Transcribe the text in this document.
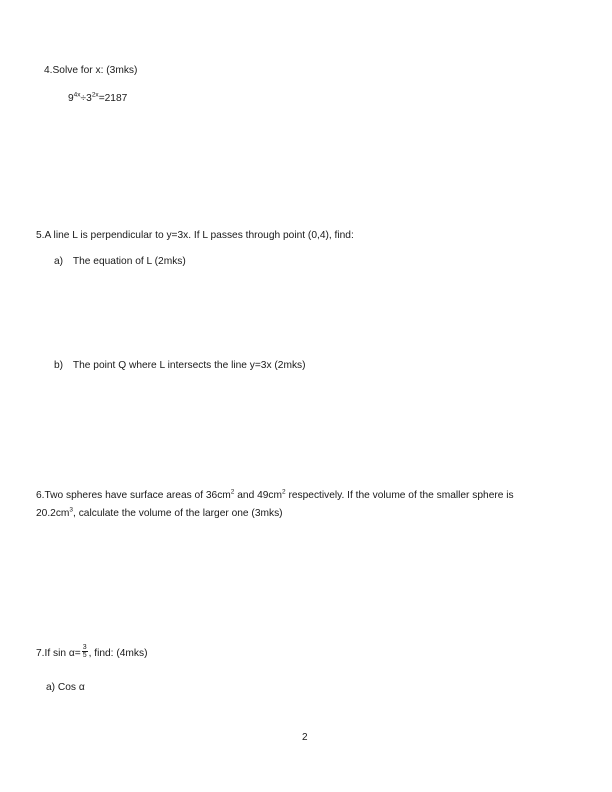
4.Solve for x: (3mks)
$9^{4x}\div 3^{2x}=2187$
5.A line L is perpendicular to y=3x. If L passes through point (0,4), find:
a) The equation of L (2mks)
b) The point Q where L intersects the line y=3x (2mks)
6.Two spheres have surface areas of $36cm^2$ and $49cm^2$ respectively. If the volume of the smaller sphere is
$20.2cm^3$, calculate the volume of the larger one (3mks)
7.If $\sin \alpha= \frac{3}{5}$ , find: (4mks)
a) Cos α
2
